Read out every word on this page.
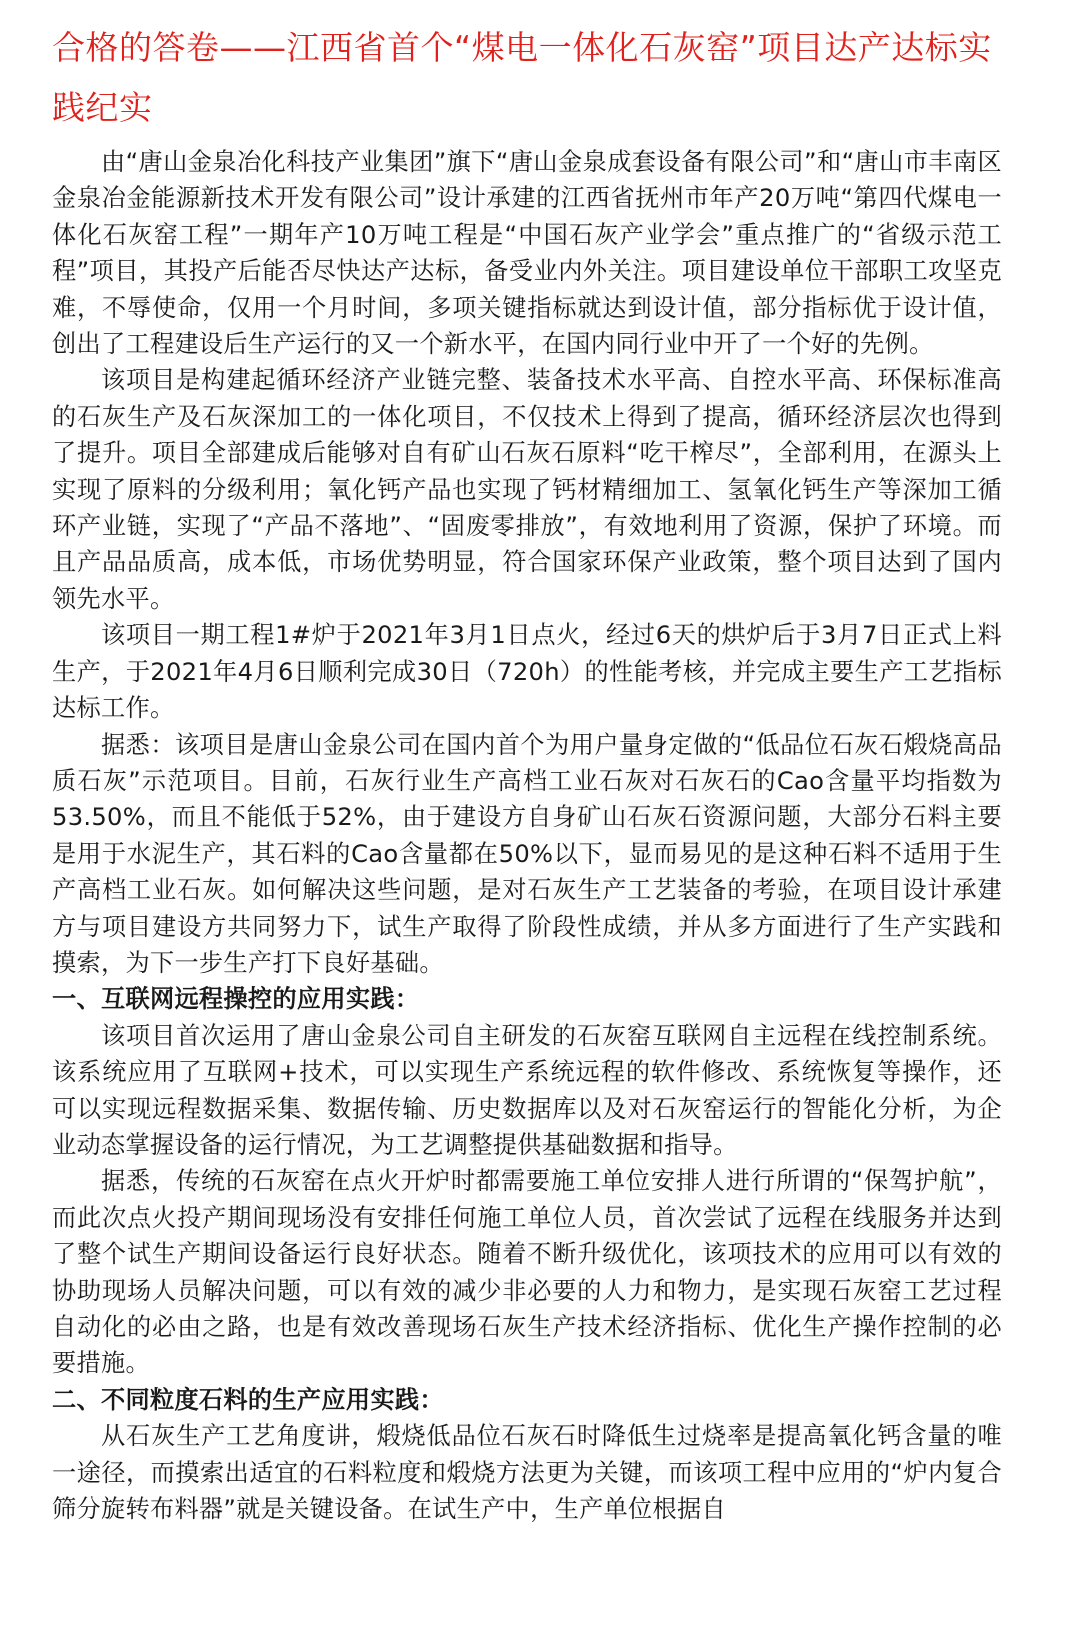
合格的答卷——江西省首个“煤电一体化石灰窑”项目达产达标实践纪实

由“唐山金泉冶化科技产业集团”旗下“唐山金泉成套设备有限公司”和“唐山市丰南区金泉冶金能源新技术开发有限公司”设计承建的江西省抚州市年产20万吨“第四代煤电一体化石灰窑工程”一期年产10万吨工程是“中国石灰产业学会”重点推广的“省级示范工程”项目，其投产后能否尽快达产达标，备受业内外关注。项目建设单位干部职工攻坚克难，不辱使命，仅用一个月时间，多项关键指标就达到设计值，部分指标优于设计值，创出了工程建设后生产运行的又一个新水平，在国内同行业中开了一个好的先例。

该项目是构建起循环经济产业链完整、装备技术水平高、自控水平高、环保标准高的石灰生产及石灰深加工的一体化项目，不仅技术上得到了提高，循环经济层次也得到了提升。项目全部建成后能够对自有矿山石灰石原料“吃干榨尽”，全部利用，在源头上实现了原料的分级利用；氧化钙产品也实现了钙材精细加工、氢氧化钙生产等深加工循环产业链，实现了“产品不落地”、“固废零排放”，有效地利用了资源，保护了环境。而且产品品质高，成本低，市场优势明显，符合国家环保产业政策，整个项目达到了国内领先水平。

该项目一期工程1#炉于2021年3月1日点火，经过6天的烘炉后于3月7日正式上料生产，于2021年4月6日顺利完成30日（720h）的性能考核，并完成主要生产工艺指标达标工作。

据悉：该项目是唐山金泉公司在国内首个为用户量身定做的“低品位石灰石煅烧高品质石灰”示范项目。目前，石灰行业生产高档工业石灰对石灰石的Cao含量平均指数为53.50%，而且不能低于52%，由于建设方自身矿山石灰石资源问题，大部分石料主要是用于水泥生产，其石料的Cao含量都在50%以下，显而易见的是这种石料不适用于生产高档工业石灰。如何解决这些问题，是对石灰生产工艺装备的考验，在项目设计承建方与项目建设方共同努力下，试生产取得了阶段性成绩，并从多方面进行了生产实践和摸索，为下一步生产打下良好基础。

一、互联网远程操控的应用实践：

该项目首次运用了唐山金泉公司自主研发的石灰窑互联网自主远程在线控制系统。该系统应用了互联网+技术，可以实现生产系统远程的软件修改、系统恢复等操作，还可以实现远程数据采集、数据传输、历史数据库以及对石灰窑运行的智能化分析，为企业动态掌握设备的运行情况，为工艺调整提供基础数据和指导。

据悉，传统的石灰窑在点火开炉时都需要施工单位安排人进行所谓的“保驾护航”，而此次点火投产期间现场没有安排任何施工单位人员，首次尝试了远程在线服务并达到了整个试生产期间设备运行良好状态。随着不断升级优化，该项技术的应用可以有效的协助现场人员解决问题，可以有效的减少非必要的人力和物力，是实现石灰窑工艺过程自动化的必由之路，也是有效改善现场石灰生产技术经济指标、优化生产操作控制的必要措施。

二、不同粒度石料的生产应用实践：

从石灰生产工艺角度讲，煅烧低品位石灰石时降低生过烧率是提高氧化钙含量的唯一途径，而摸索出适宜的石料粒度和煅烧方法更为关键，而该项工程中应用的“炉内复合筛分旋转布料器”就是关键设备。在试生产中，生产单位根据自
